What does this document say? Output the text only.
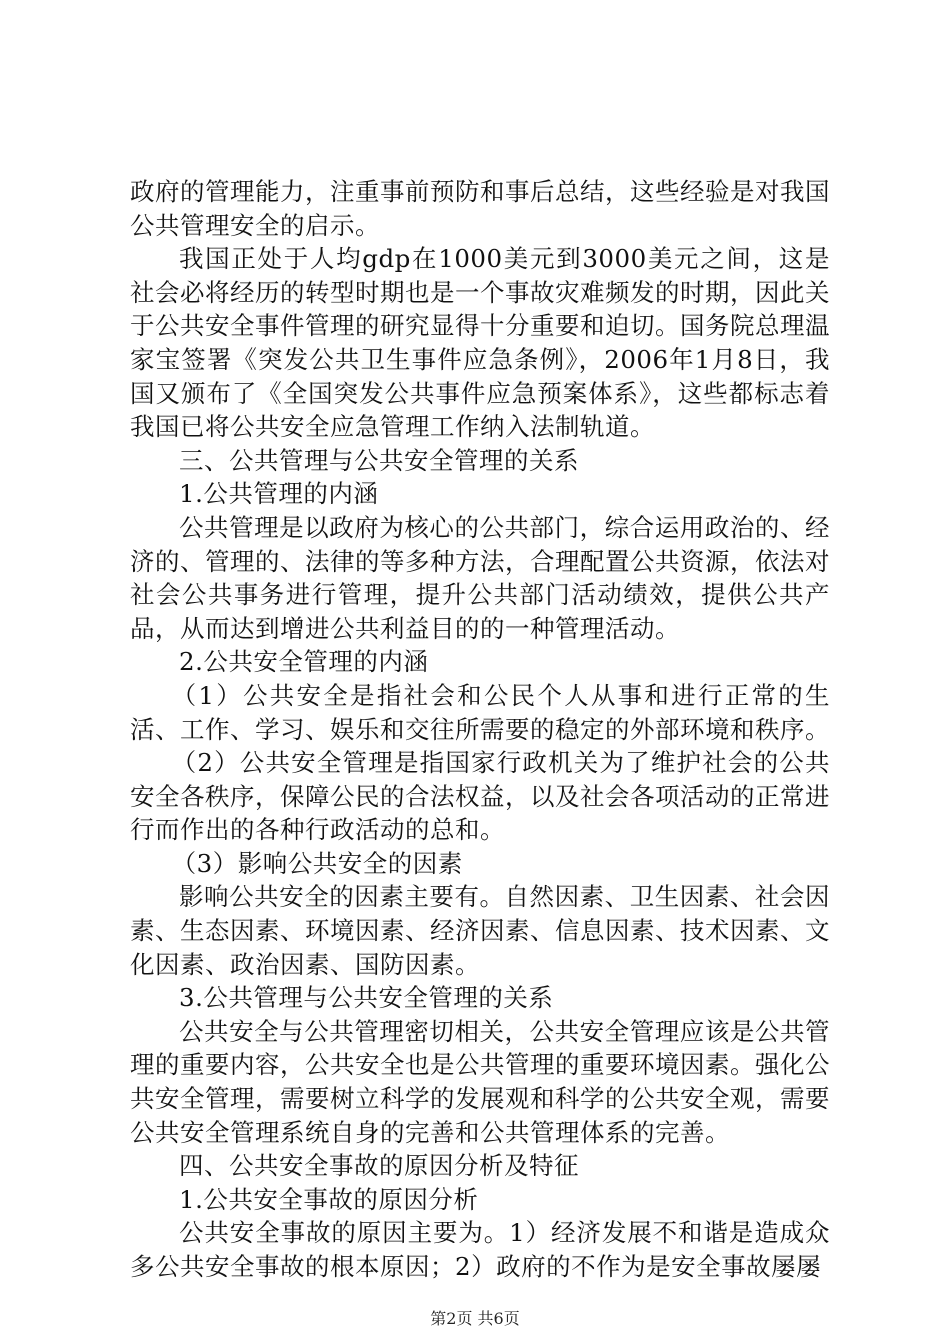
政府的管理能力，注重事前预防和事后总结，这些经验是对我国公共管理安全的启示。

我国正处于人均gdp在1000美元到3000美元之间，这是社会必将经历的转型时期也是一个事故灾难频发的时期，因此关于公共安全事件管理的研究显得十分重要和迫切。国务院总理温家宝签署《突发公共卫生事件应急条例》，2006年1月8日，我国又颁布了《全国突发公共事件应急预案体系》，这些都标志着我国已将公共安全应急管理工作纳入法制轨道。

三、公共管理与公共安全管理的关系

1.公共管理的内涵

公共管理是以政府为核心的公共部门，综合运用政治的、经济的、管理的、法律的等多种方法，合理配置公共资源，依法对社会公共事务进行管理，提升公共部门活动绩效，提供公共产品，从而达到增进公共利益目的的一种管理活动。

2.公共安全管理的内涵

（1）公共安全是指社会和公民个人从事和进行正常的生活、工作、学习、娱乐和交往所需要的稳定的外部环境和秩序。

（2）公共安全管理是指国家行政机关为了维护社会的公共安全各秩序，保障公民的合法权益，以及社会各项活动的正常进行而作出的各种行政活动的总和。

（3）影响公共安全的因素

影响公共安全的因素主要有。自然因素、卫生因素、社会因素、生态因素、环境因素、经济因素、信息因素、技术因素、文化因素、政治因素、国防因素。

3.公共管理与公共安全管理的关系

公共安全与公共管理密切相关，公共安全管理应该是公共管理的重要内容，公共安全也是公共管理的重要环境因素。强化公共安全管理，需要树立科学的发展观和科学的公共安全观，需要公共安全管理系统自身的完善和公共管理体系的完善。

四、公共安全事故的原因分析及特征

1.公共安全事故的原因分析

公共安全事故的原因主要为。1）经济发展不和谐是造成众多公共安全事故的根本原因；2）政府的不作为是安全事故屡屡

第2页 共6页
